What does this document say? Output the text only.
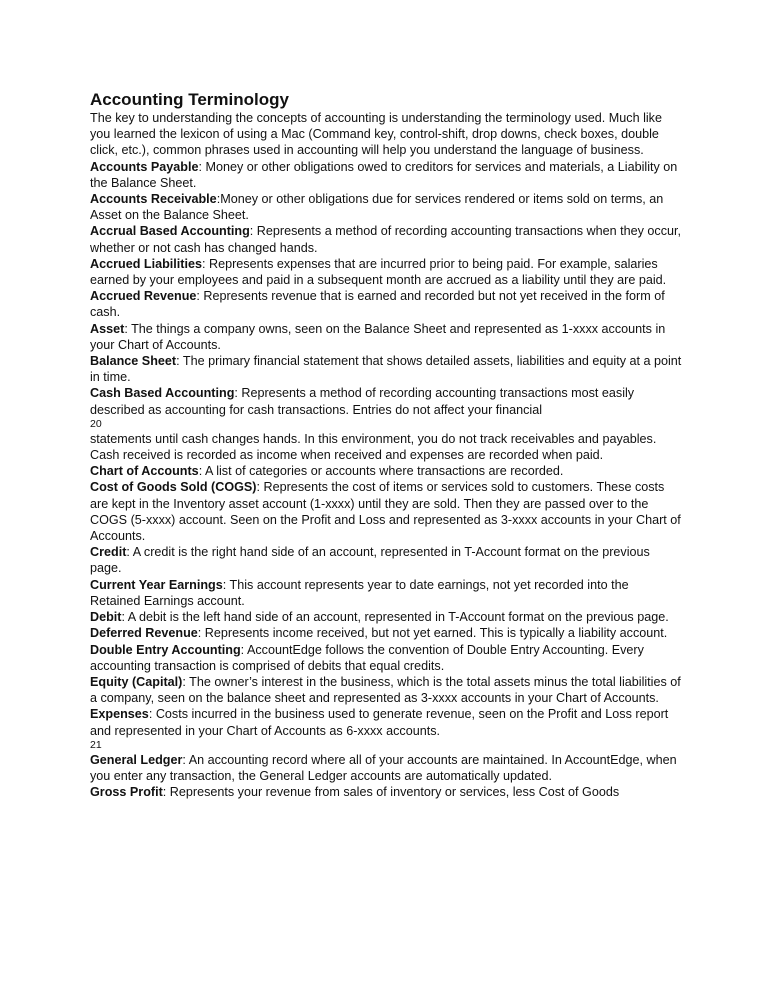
Accounting Terminology

The key to understanding the concepts of accounting is understanding the terminology used. Much like you learned the lexicon of using a Mac (Command key, control-shift, drop downs, check boxes, double click, etc.), common phrases used in accounting will help you understand the language of business.

Accounts Payable: Money or other obligations owed to creditors for services and materials, a Liability on the Balance Sheet.

Accounts Receivable:Money or other obligations due for services rendered or items sold on terms, an Asset on the Balance Sheet.

Accrual Based Accounting: Represents a method of recording accounting transactions when they occur, whether or not cash has changed hands.

Accrued Liabilities: Represents expenses that are incurred prior to being paid. For example, salaries earned by your employees and paid in a subsequent month are accrued as a liability until they are paid.

Accrued Revenue: Represents revenue that is earned and recorded but not yet received in the form of cash.

Asset: The things a company owns, seen on the Balance Sheet and represented as 1-xxxx accounts in your Chart of Accounts.

Balance Sheet: The primary financial statement that shows detailed assets, liabilities and equity at a point in time.

Cash Based Accounting: Represents a method of recording accounting transactions most easily described as accounting for cash transactions. Entries do not affect your financial

20

statements until cash changes hands. In this environment, you do not track receivables and payables. Cash received is recorded as income when received and expenses are recorded when paid.

Chart of Accounts: A list of categories or accounts where transactions are recorded.

Cost of Goods Sold (COGS): Represents the cost of items or services sold to customers. These costs are kept in the Inventory asset account (1-xxxx) until they are sold. Then they are passed over to the COGS (5-xxxx) account. Seen on the Profit and Loss and represented as 3-xxxx accounts in your Chart of Accounts.

Credit: A credit is the right hand side of an account, represented in T-Account format on the previous page.

Current Year Earnings: This account represents year to date earnings, not yet recorded into the Retained Earnings account.

Debit: A debit is the left hand side of an account, represented in T-Account format on the previous page.

Deferred Revenue: Represents income received, but not yet earned. This is typically a liability account.

Double Entry Accounting: AccountEdge follows the convention of Double Entry Accounting. Every accounting transaction is comprised of debits that equal credits.

Equity (Capital): The owner’s interest in the business, which is the total assets minus the total liabilities of a company, seen on the balance sheet and represented as 3-xxxx accounts in your Chart of Accounts.

Expenses: Costs incurred in the business used to generate revenue, seen on the Profit and Loss report and represented in your Chart of Accounts as 6-xxxx accounts.

21

General Ledger: An accounting record where all of your accounts are maintained. In AccountEdge, when you enter any transaction, the General Ledger accounts are automatically updated.

Gross Profit: Represents your revenue from sales of inventory or services, less Cost of Goods
